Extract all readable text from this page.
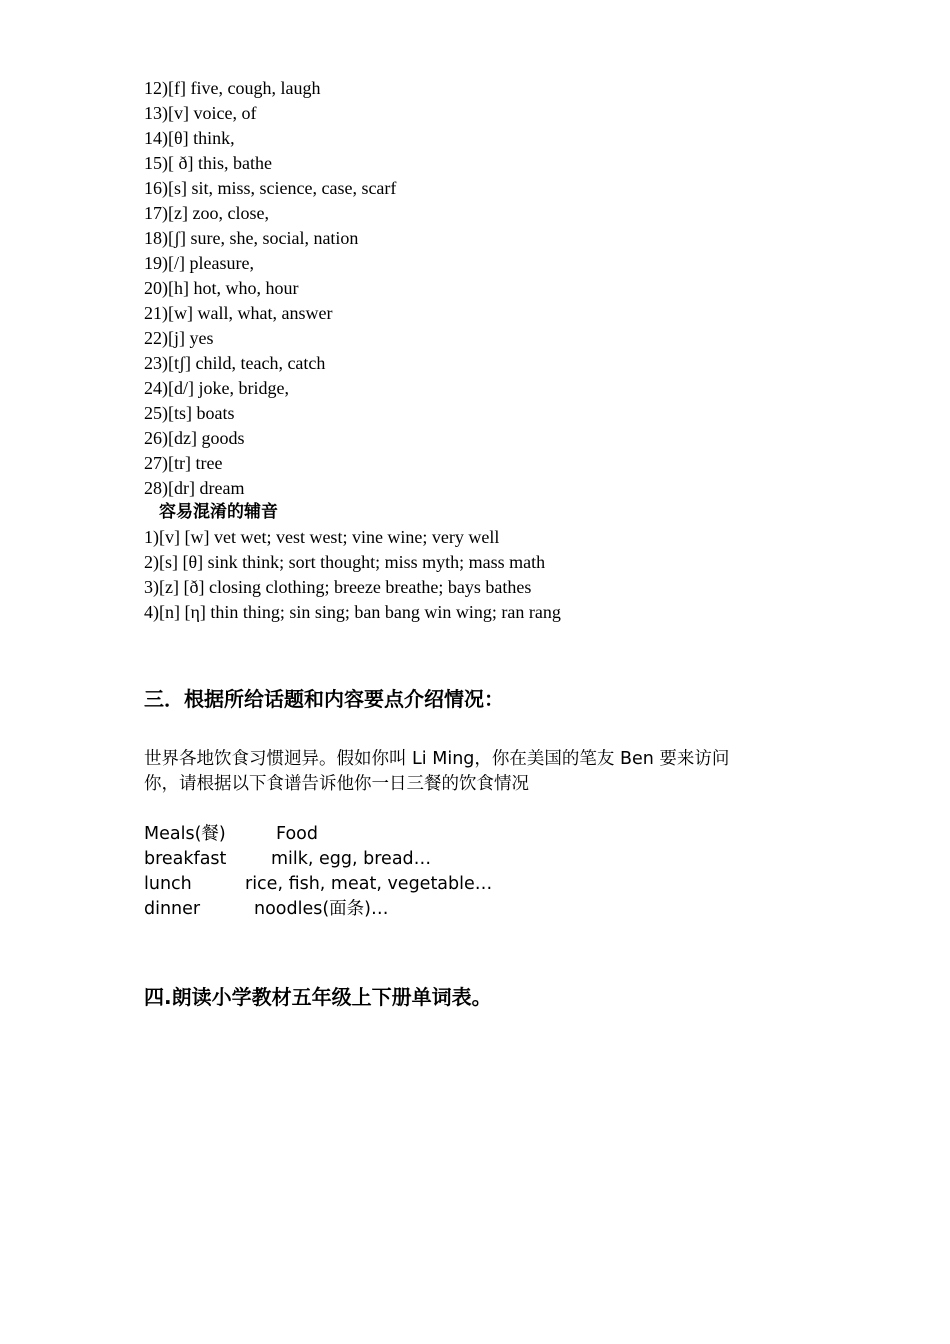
12)[f] five, cough, laugh
13)[v] voice, of
14)[θ] think,
15)[ ð] this, bathe
16)[s] sit, miss, science, case, scarf
17)[z] zoo, close,
18)[ʃ] sure, she, social, nation
19)[/] pleasure,
20)[h] hot, who, hour
21)[w] wall, what, answer
22)[j] yes
23)[tʃ] child, teach, catch
24)[d/] joke, bridge,
25)[ts] boats
26)[dz] goods
27)[tr] tree
28)[dr] dream
容易混淆的辅音
1)[v] [w] vet wet; vest west; vine wine; very well
2)[s] [θ] sink think; sort thought; miss myth; mass math
3)[z] [ð] closing clothing; breeze breathe; bays bathes
4)[n] [η] thin thing; sin sing; ban bang win wing; ran rang
三．根据所给话题和内容要点介绍情况：
世界各地饮食习惯迥异。假如你叫 Li Ming，你在美国的笔友 Ben 要来访问
你，请根据以下食谱告诉他你一日三餐的饮食情况
Meals(餐)	Food
breakfast	milk, egg, bread…
lunch	rice, fish, meat, vegetable…
dinner	noodles(面条)…
四.朗读小学教材五年级上下册单词表。
